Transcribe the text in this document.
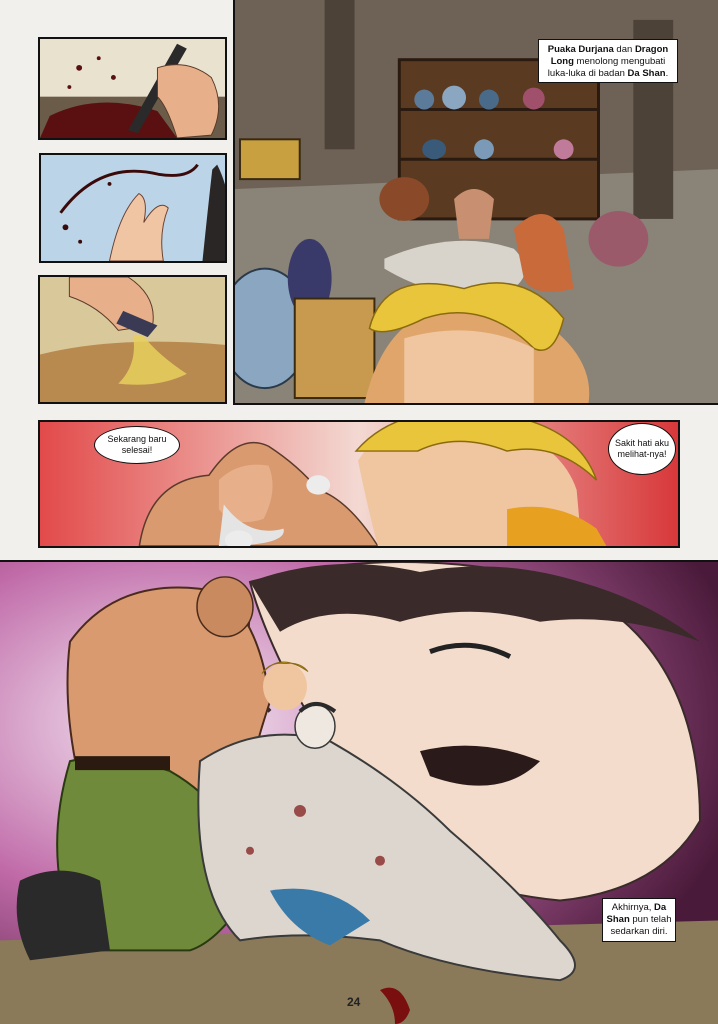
Puaka Durjana dan Dragon Long menolong mengubati luka-luka di badan Da Shan.
Sekarang baru selesai!
Sakit hati aku melihat-nya!
Akhirnya, Da Shan pun telah sedarkan diri.
24
